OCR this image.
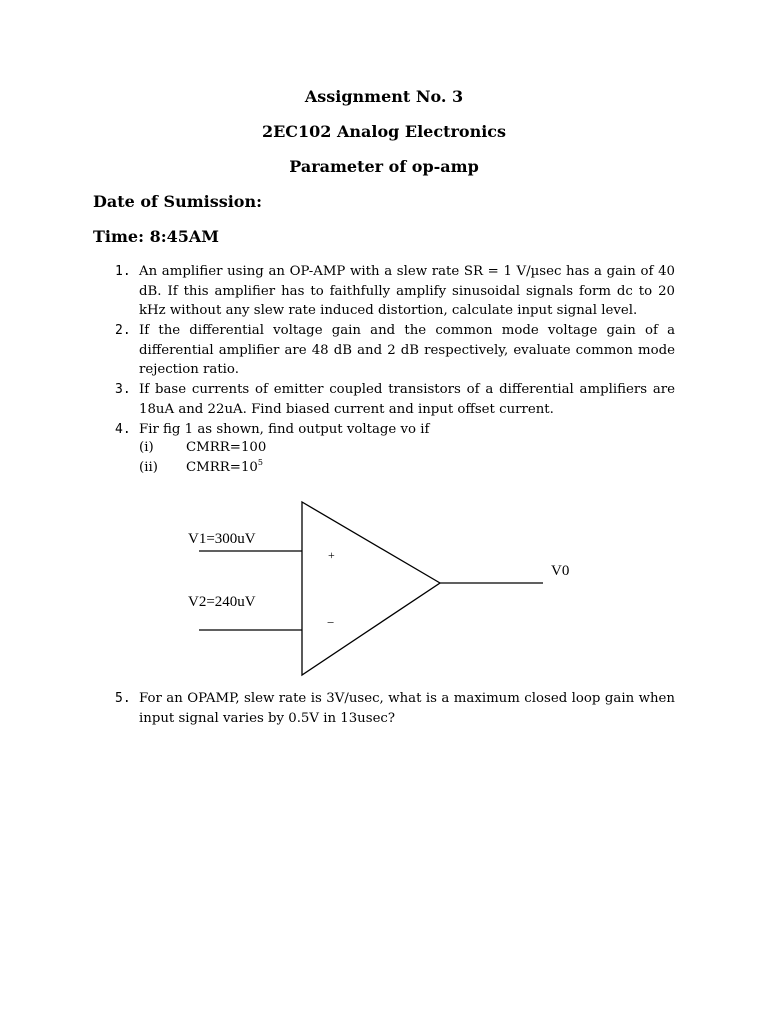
Assignment No. 3
2EC102 Analog Electronics
Parameter of op-amp
Date of Sumission:
Time: 8:45AM
1. An amplifier using an OP-AMP with a slew rate SR = 1 V/µsec has a gain of 40 dB. If this amplifier has to faithfully amplify sinusoidal signals form dc to 20 kHz without any slew rate induced distortion, calculate input signal level.
2. If the differential voltage gain and the common mode voltage gain of a differential amplifier are 48 dB and 2 dB respectively, evaluate common mode rejection ratio.
3. If base currents of emitter coupled transistors of a differential amplifiers are 18uA and 22uA. Find biased current and input offset current.
4. Fir fig 1 as shown, find output voltage vo if
(i) CMRR=100
(ii) $CMRR=10^5$
V1=300uV
V2=240uV
V0
+
−
5. For an OPAMP, slew rate is 3V/usec, what is a maximum closed loop gain when input signal varies by 0.5V in 13usec?
